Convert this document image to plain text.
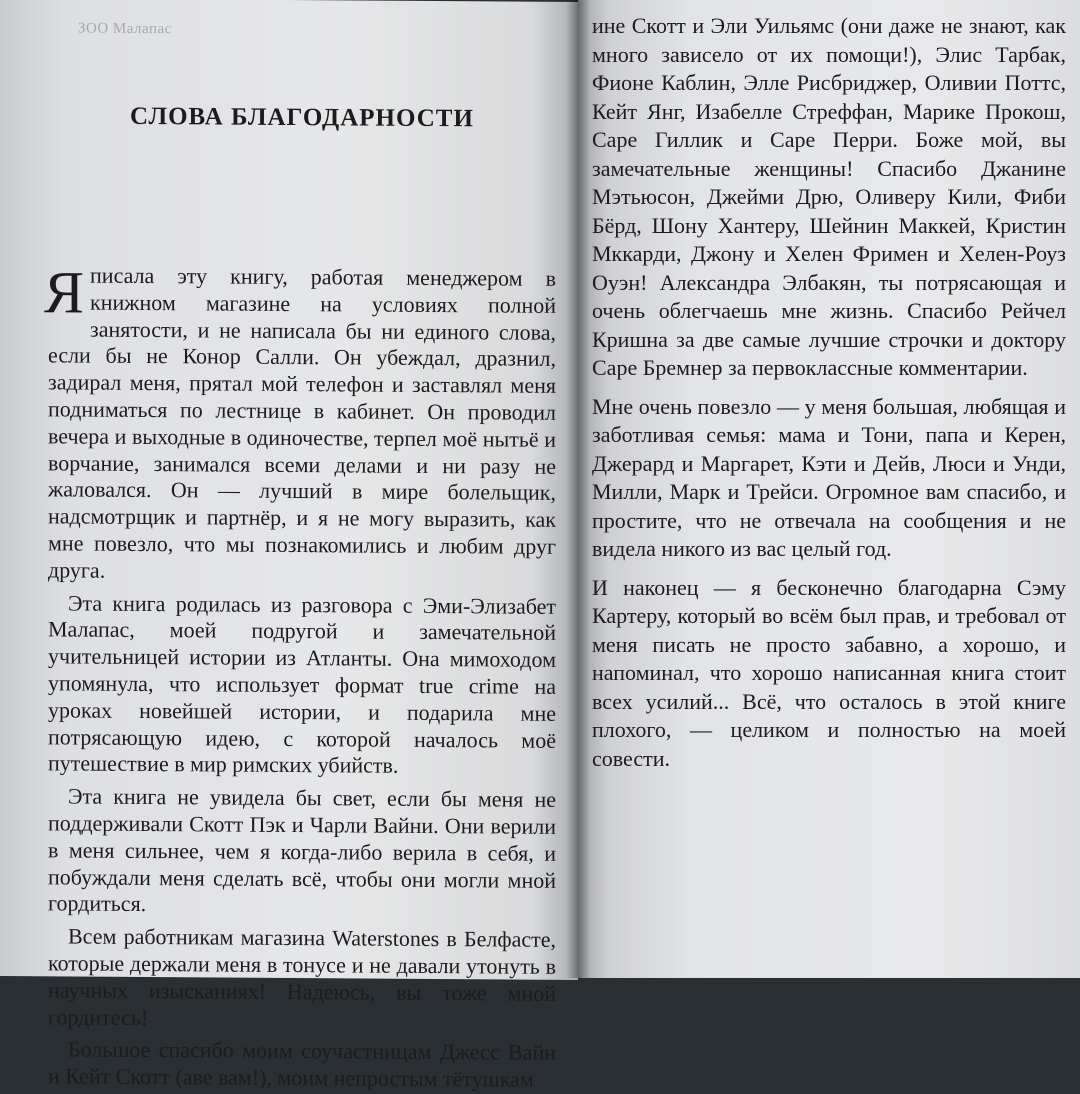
ЗОО Малапас
СЛОВА БЛАГОДАРНОСТИ

Яписала эту книгу, работая менеджером в книжном магазине на условиях полной занятости, и не написала бы ни единого слова, если бы не Конор Салли. Он убеждал, дразнил, задирал меня, прятал мой телефон и заставлял меня подниматься по лестнице в кабинет. Он проводил вечера и выходные в одиночестве, терпел моё нытьё и ворчание, занимался всеми делами и ни разу не жаловался. Он — лучший в мире болельщик, надсмотрщик и партнёр, и я не могу выразить, как мне повезло, что мы познакомились и любим друг друга.

Эта книга родилась из разговора с Эми-Элизабет Малапас, моей подругой и замечательной учительницей истории из Атланты. Она мимоходом упомянула, что использует формат true crime на уроках новейшей истории, и подарила мне потрясающую идею, с которой началось моё путешествие в мир римских убийств.

Эта книга не увидела бы свет, если бы меня не поддерживали Скотт Пэк и Чарли Вайни. Они верили в меня сильнее, чем я когда-либо верила в себя, и побуждали меня сделать всё, чтобы они могли мной гордиться.

Всем работникам магазина Waterstones в Белфасте, которые держали меня в тонусе и не давали утонуть в научных изысканиях! Надеюсь, вы тоже мной гордитесь!

Большое спасибо моим соучастницам Джесс Вайн и Кейт Скотт (аве вам!), моим непростым тётушкам

ине Скотт и Эли Уильямс (они даже не знают, как много зависело от их помощи!), Элис Тарбак, Фионе Каблин, Элле Рисбриджер, Оливии Поттс, Кейт Янг, Изабелле Стреффан, Марике Прокош, Саре Гиллик и Саре Перри. Боже мой, вы замечательные женщины! Спасибо Джанине Мэтьюсон, Джейми Дрю, Оливеру Кили, Фиби Бёрд, Шону Хантеру, Шейнин Маккей, Кристин Мккарди, Джону и Хелен Фримен и Хелен-Роуз Оуэн! Александра Элбакян, ты потрясающая и очень облегчаешь мне жизнь. Спасибо Рейчел Кришна за две самые лучшие строчки и доктору Саре Бремнер за первоклассные комментарии.

Мне очень повезло — у меня большая, любящая и заботливая семья: мама и Тони, папа и Керен, Джерард и Маргарет, Кэти и Дейв, Люси и Унди, Милли, Марк и Трейси. Огромное вам спасибо, и простите, что не отвечала на сообщения и не видела никого из вас целый год.

И наконец — я бесконечно благодарна Сэму Картеру, который во всём был прав, и требовал от меня писать не просто забавно, а хорошо, и напоминал, что хорошо написанная книга стоит всех усилий... Всё, что осталось в этой книге плохого, — целиком и полностью на моей совести.
